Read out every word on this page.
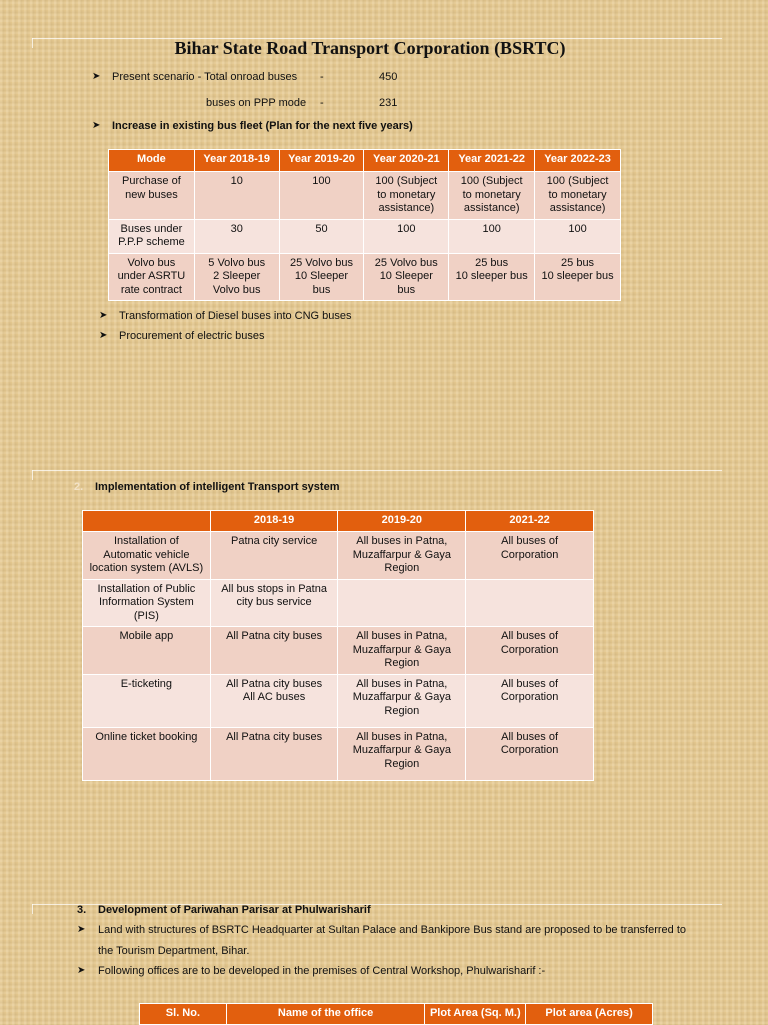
Bihar State Road Transport Corporation (BSRTC)
➤ Present scenario - Total onroad buses -	450
buses on PPP mode -	231
➤ Increase in existing bus fleet (Plan for the next five years)
Mode	Year 2018-19	Year 2019-20	Year 2020-21	Year 2021-22	Year 2022-23
Purchase of
new buses	10	100	100 (Subject
to monetary
assistance)	100 (Subject
to monetary
assistance)	100 (Subject
to monetary
assistance)
Buses under
P.P.P scheme	30	50	100	100	100
Volvo bus
under ASRTU
rate contract	5 Volvo bus
2 Sleeper
Volvo bus	25 Volvo bus
10 Sleeper
bus	25 Volvo bus
10 Sleeper
bus	25 bus
10 sleeper bus	25 bus
10 sleeper bus
➤ Transformation of Diesel buses into CNG buses
➤ Procurement of electric buses
2. Implementation of intelligent Transport system
	2018-19	2019-20	2021-22
Installation of
Automatic vehicle
location system (AVLS)	Patna city service	All buses in Patna,
Muzaffarpur & Gaya
Region	All buses of
Corporation
Installation of Public
Information System
(PIS)	All bus stops in Patna
city bus service		
Mobile app	All Patna city buses	All buses in Patna,
Muzaffarpur & Gaya
Region	All buses of
Corporation
E-ticketing	All Patna city buses
All AC buses	All buses in Patna,
Muzaffarpur & Gaya
Region	All buses of
Corporation
Online ticket booking	All Patna city buses	All buses in Patna,
Muzaffarpur & Gaya
Region	All buses of
Corporation
3. Development of Pariwahan Parisar at Phulwarisharif
➤ Land with structures of BSRTC Headquarter at Sultan Palace and Bankipore Bus stand are proposed to be transferred to
the Tourism Department, Bihar.
➤ Following offices are to be developed in the premises of Central Workshop, Phulwarisharif :-
Sl. No.	Name of the office	Plot Area (Sq. M.)	Plot area (Acres)
